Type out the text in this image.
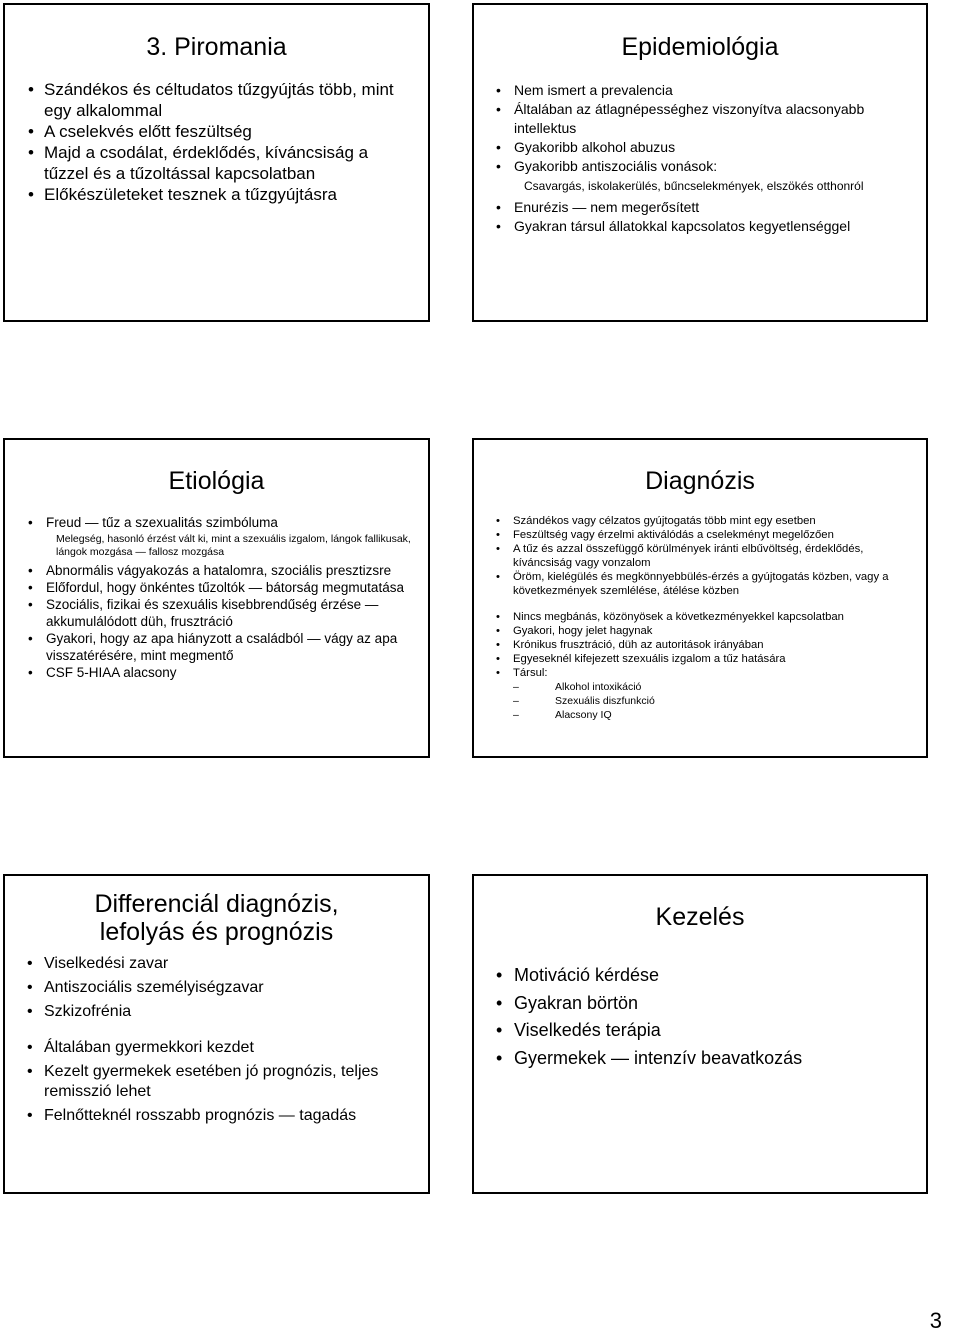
3. Piromania
• Szándékos és céltudatos tűzgyújtás több, mint egy alkalommal
• A cselekvés előtt feszültség
• Majd a csodálat, érdeklődés, kíváncsiság a tűzzel és a tűzoltással kapcsolatban
• Előkészületeket tesznek a tűzgyújtásra
Epidemiológia
• Nem ismert a prevalencia
• Általában az átlagnépességhez viszonyítva alacsonyabb intellektus
• Gyakoribb alkohol abuzus
• Gyakoribb antiszociális vonások:
Csavargás, iskolakerülés, bűncselekmények, elszökés otthonról
• Enurézis — nem megerősített
• Gyakran társul állatokkal kapcsolatos kegyetlenséggel
Etiológia
• Freud — tűz a szexualitás szimbóluma
Melegség, hasonló érzést vált ki, mint a szexuális izgalom, lángok fallikusak, lángok mozgása — fallosz mozgása
• Abnormális vágyakozás a hatalomra, szociális presztizsre
• Előfordul, hogy önkéntes tűzoltók — bátorság megmutatása
• Szociális, fizikai és szexuális kisebbrendűség érzése — akkumulálódott düh, frusztráció
• Gyakori, hogy az apa hiányzott a családból — vágy az apa visszatérésére, mint megmentő
• CSF 5-HIAA alacsony
Diagnózis
• Szándékos vagy célzatos gyújtogatás több mint egy esetben
• Feszültség vagy érzelmi aktiválódás a cselekményt megelőzően
• A tűz és azzal összefüggő körülmények iránti elbűvöltség, érdeklődés, kíváncsiság vagy vonzalom
• Öröm, kielégülés és megkönnyebbülés-érzés a gyújtogatás közben, vagy a következmények szemlélése, átélése közben
• Nincs megbánás, közönyösek a következményekkel kapcsolatban
• Gyakori, hogy jelet hagynak
• Krónikus frusztráció, düh az autoritások irányában
• Egyeseknél kifejezett szexuális izgalom a tűz hatására
• Társul:
– Alkohol intoxikáció
– Szexuális diszfunkció
– Alacsony IQ
Differenciál diagnózis, lefolyás és prognózis
• Viselkedési zavar
• Antiszociális személyiségzavar
• Szkizofrénia
• Általában gyermekkori kezdet
• Kezelt gyermekek esetében jó prognózis, teljes remisszió lehet
• Felnőtteknél rosszabb prognózis — tagadás
Kezelés
• Motiváció kérdése
• Gyakran börtön
• Viselkedés terápia
• Gyermekek — intenzív beavatkozás
3
